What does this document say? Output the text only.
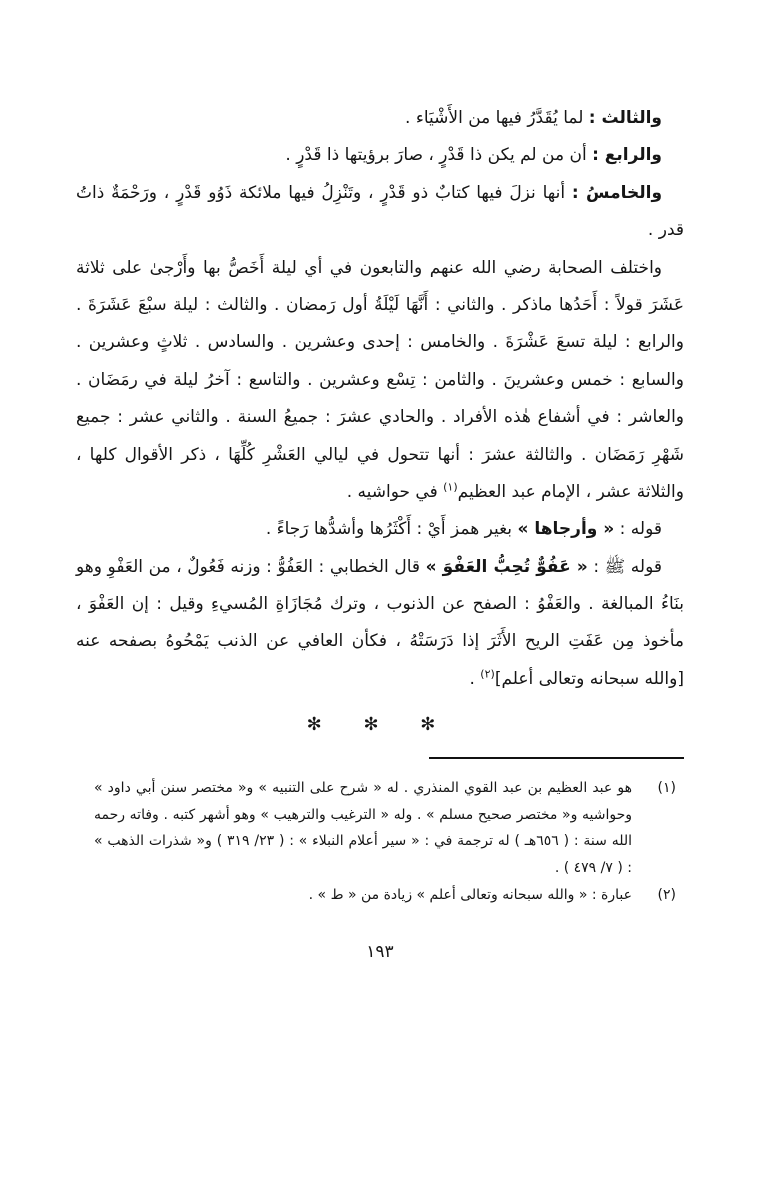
والثالث : لما يُقَدَّرُ فيها من الأَشْيَاء .

والرابع : أن من لم يكن ذا قَدْرٍ ، صارَ برؤيتها ذا قَدْرٍ .

والخامسُ : أنها نزلَ فيها كتابٌ ذو قَدْرٍ ، وتَنْزِلُ فيها ملائكة ذَوُو قَدْرٍ ، ورَحْمَةٌ ذاتُ قدر .

واختلف الصحابة رضي الله عنهم والتابعون في أي ليلة أَخَصُّ بها وأَرْجىٰ على ثلاثة عَشَرَ قولاً : أَحَدُها ماذكر . والثاني : أَنَّهَا لَيْلَةُ أول رَمضان . والثالث : ليلة سبْعَ عَشَرَةَ . والرابع : ليلة تسعَ عَشْرَةَ . والخامس : إحدى وعشرين . والسادس . ثلاثٍ وعشرين . والسابع : خمس وعشرينَ . والثامن : تِسْع وعشرين . والتاسع : آخرُ ليلة في رمَضَان . والعاشر : في أشفاع هٰذه الأفراد . والحادي عشرَ : جميعُ السنة . والثاني عشر : جميع شَهْرِ رَمَضَان . والثالثة عشرَ : أنها تتحول في ليالي العَشْرِ كُلِّهَا ، ذكر الأقوال كلها ، والثلاثة عشر ، الإمام عبد العظيم$^{(١)}$ في حواشيه .

قوله : « وأرجاها » بغير همز أَيْ : أَكْثَرُها وأشدُّها رَجاءً .

قوله ﷺ : « عَفُوٌّ تُحِبُّ العَفْوَ » قال الخطابي : العَفُوُّ : وزنه فَعُولٌ ، من العَفْوِ وهو بنَاءُ المبالغة . والعَفْوُ : الصفح عن الذنوب ، وترك مُجَازَاةِ المُسيءِ وقيل : إن العَفْوَ ، مأخوذ مِن عَفَتِ الريح الأَثَرَ إذا دَرَسَتْهُ ، فكأن العافي عن الذنب يَمْحُوهُ بصفحه عنه [والله سبحانه وتعالى أعلم]$^{(٢)}$ .

✻ ✻ ✻
(١)
هو عبد العظيم بن عبد القوي المنذري . له « شرح على التنبيه » و« مختصر سنن أبي داود » وحواشيه و« مختصر صحيح مسلم » . وله « الترغيب والترهيب » وهو أشهر كتبه . وفاته رحمه الله سنة : ( ٦٥٦هـ ) له ترجمة في : « سير أعلام النبلاء » : ( ٢٣/ ٣١٩ ) و« شذرات الذهب » : ( ٧/ ٤٧٩ ) .
(٢)
عبارة : « والله سبحانه وتعالى أعلم » زيادة من « ط » .
١٩٣
